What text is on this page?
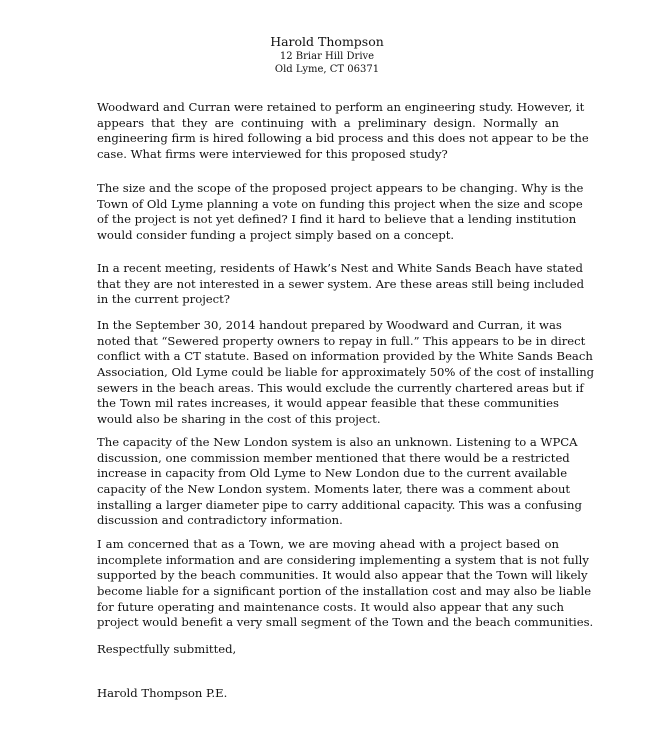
Harold Thompson
12 Briar Hill Drive
Old Lyme, CT 06371
Woodward and Curran were retained to perform an engineering study. However, it
appears that they are continuing with a preliminary design. Normally an
engineering firm is hired following a bid process and this does not appear to be the
case. What firms were interviewed for this proposed study?
The size and the scope of the proposed project appears to be changing. Why is the
Town of Old Lyme planning a vote on funding this project when the size and scope
of the project is not yet defined? I find it hard to believe that a lending institution
would consider funding a project simply based on a concept.
In a recent meeting, residents of Hawk’s Nest and White Sands Beach have stated
that they are not interested in a sewer system. Are these areas still being included
in the current project?
In the September 30, 2014 handout prepared by Woodward and Curran, it was
noted that “Sewered property owners to repay in full.” This appears to be in direct
conflict with a CT statute. Based on information provided by the White Sands Beach
Association, Old Lyme could be liable for approximately 50% of the cost of installing
sewers in the beach areas. This would exclude the currently chartered areas but if
the Town mil rates increases, it would appear feasible that these communities
would also be sharing in the cost of this project.
The capacity of the New London system is also an unknown. Listening to a WPCA
discussion, one commission member mentioned that there would be a restricted
increase in capacity from Old Lyme to New London due to the current available
capacity of the New London system. Moments later, there was a comment about
installing a larger diameter pipe to carry additional capacity. This was a confusing
discussion and contradictory information.
I am concerned that as a Town, we are moving ahead with a project based on
incomplete information and are considering implementing a system that is not fully
supported by the beach communities. It would also appear that the Town will likely
become liable for a significant portion of the installation cost and may also be liable
for future operating and maintenance costs. It would also appear that any such
project would benefit a very small segment of the Town and the beach communities.
Respectfully submitted,
Harold Thompson P.E.
